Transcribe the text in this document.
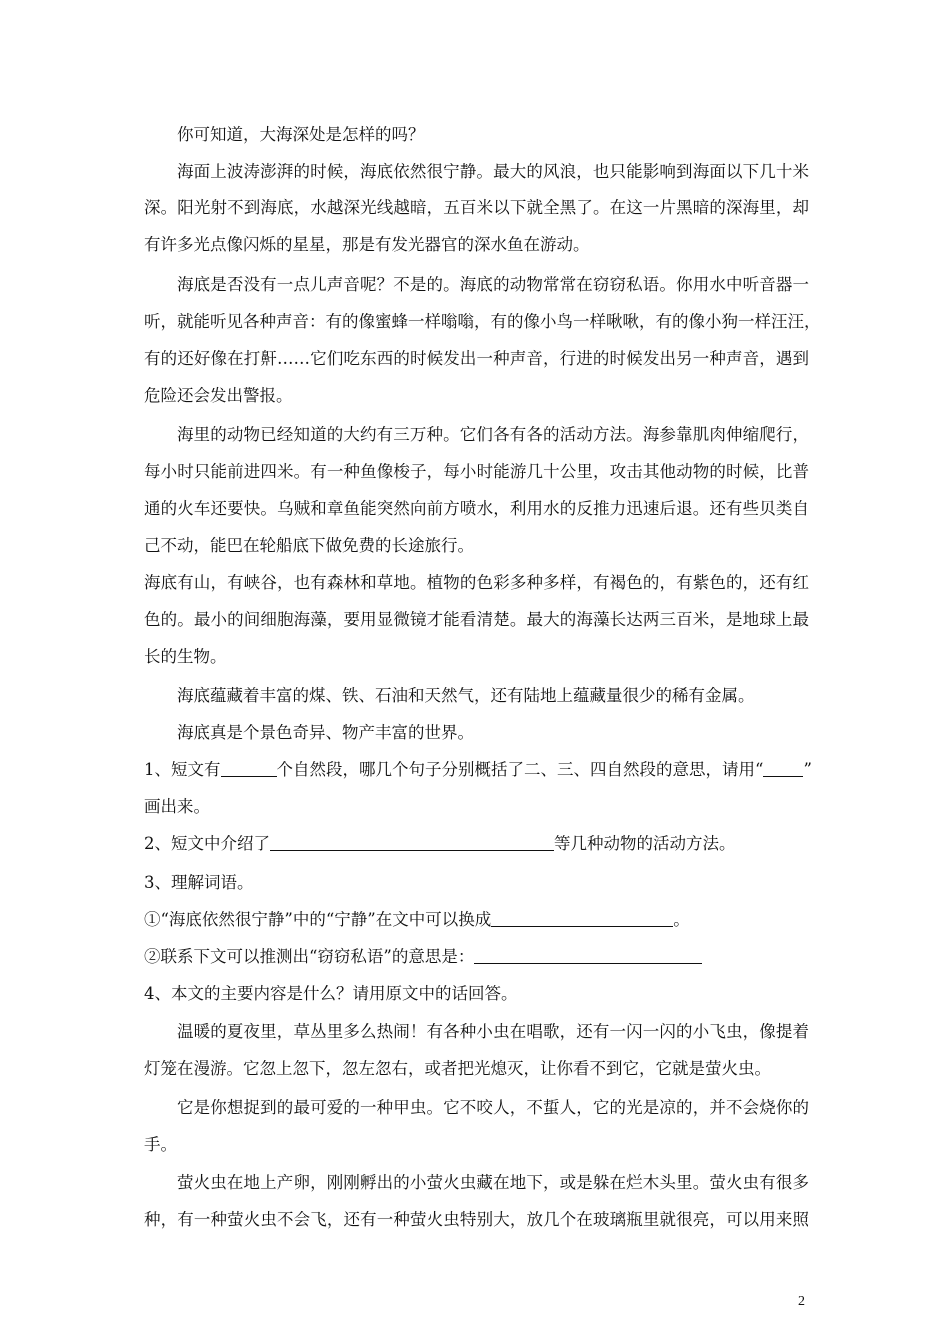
你可知道，大海深处是怎样的吗？
海面上波涛澎湃的时候，海底依然很宁静。最大的风浪，也只能影响到海面以下几十米
深。阳光射不到海底，水越深光线越暗，五百米以下就全黑了。在这一片黑暗的深海里，却
有许多光点像闪烁的星星，那是有发光器官的深水鱼在游动。
海底是否没有一点儿声音呢？不是的。海底的动物常常在窃窃私语。你用水中听音器一
听，就能听见各种声音：有的像蜜蜂一样嗡嗡，有的像小鸟一样啾啾，有的像小狗一样汪汪，
有的还好像在打鼾……它们吃东西的时候发出一种声音，行进的时候发出另一种声音，遇到
危险还会发出警报。
海里的动物已经知道的大约有三万种。它们各有各的活动方法。海参靠肌肉伸缩爬行，
每小时只能前进四米。有一种鱼像梭子，每小时能游几十公里，攻击其他动物的时候，比普
通的火车还要快。乌贼和章鱼能突然向前方喷水，利用水的反推力迅速后退。还有些贝类自
己不动，能巴在轮船底下做免费的长途旅行。
海底有山，有峡谷，也有森林和草地。植物的色彩多种多样，有褐色的，有紫色的，还有红
色的。最小的间细胞海藻，要用显微镜才能看清楚。最大的海藻长达两三百米，是地球上最
长的生物。
海底蕴藏着丰富的煤、铁、石油和天然气，还有陆地上蕴藏量很少的稀有金属。
海底真是个景色奇异、物产丰富的世界。
1、短文有	个自然段，哪几个句子分别概括了二、三、四自然段的意思，请用“ ”
画出来。
2、短文中介绍了	等几种动物的活动方法。
3、理解词语。
①“海底依然很宁静”中的“宁静”在文中可以换成	。
②联系下文可以推测出“窃窃私语”的意思是：
4、本文的主要内容是什么？请用原文中的话回答。
温暖的夏夜里，草丛里多么热闹！有各种小虫在唱歌，还有一闪一闪的小飞虫，像提着
灯笼在漫游。它忽上忽下，忽左忽右，或者把光熄灭，让你看不到它，它就是萤火虫。
它是你想捉到的最可爱的一种甲虫。它不咬人，不蜇人，它的光是凉的，并不会烧你的
手。
萤火虫在地上产卵，刚刚孵出的小萤火虫藏在地下，或是躲在烂木头里。萤火虫有很多
种，有一种萤火虫不会飞，还有一种萤火虫特别大，放几个在玻璃瓶里就很亮，可以用来照
2
